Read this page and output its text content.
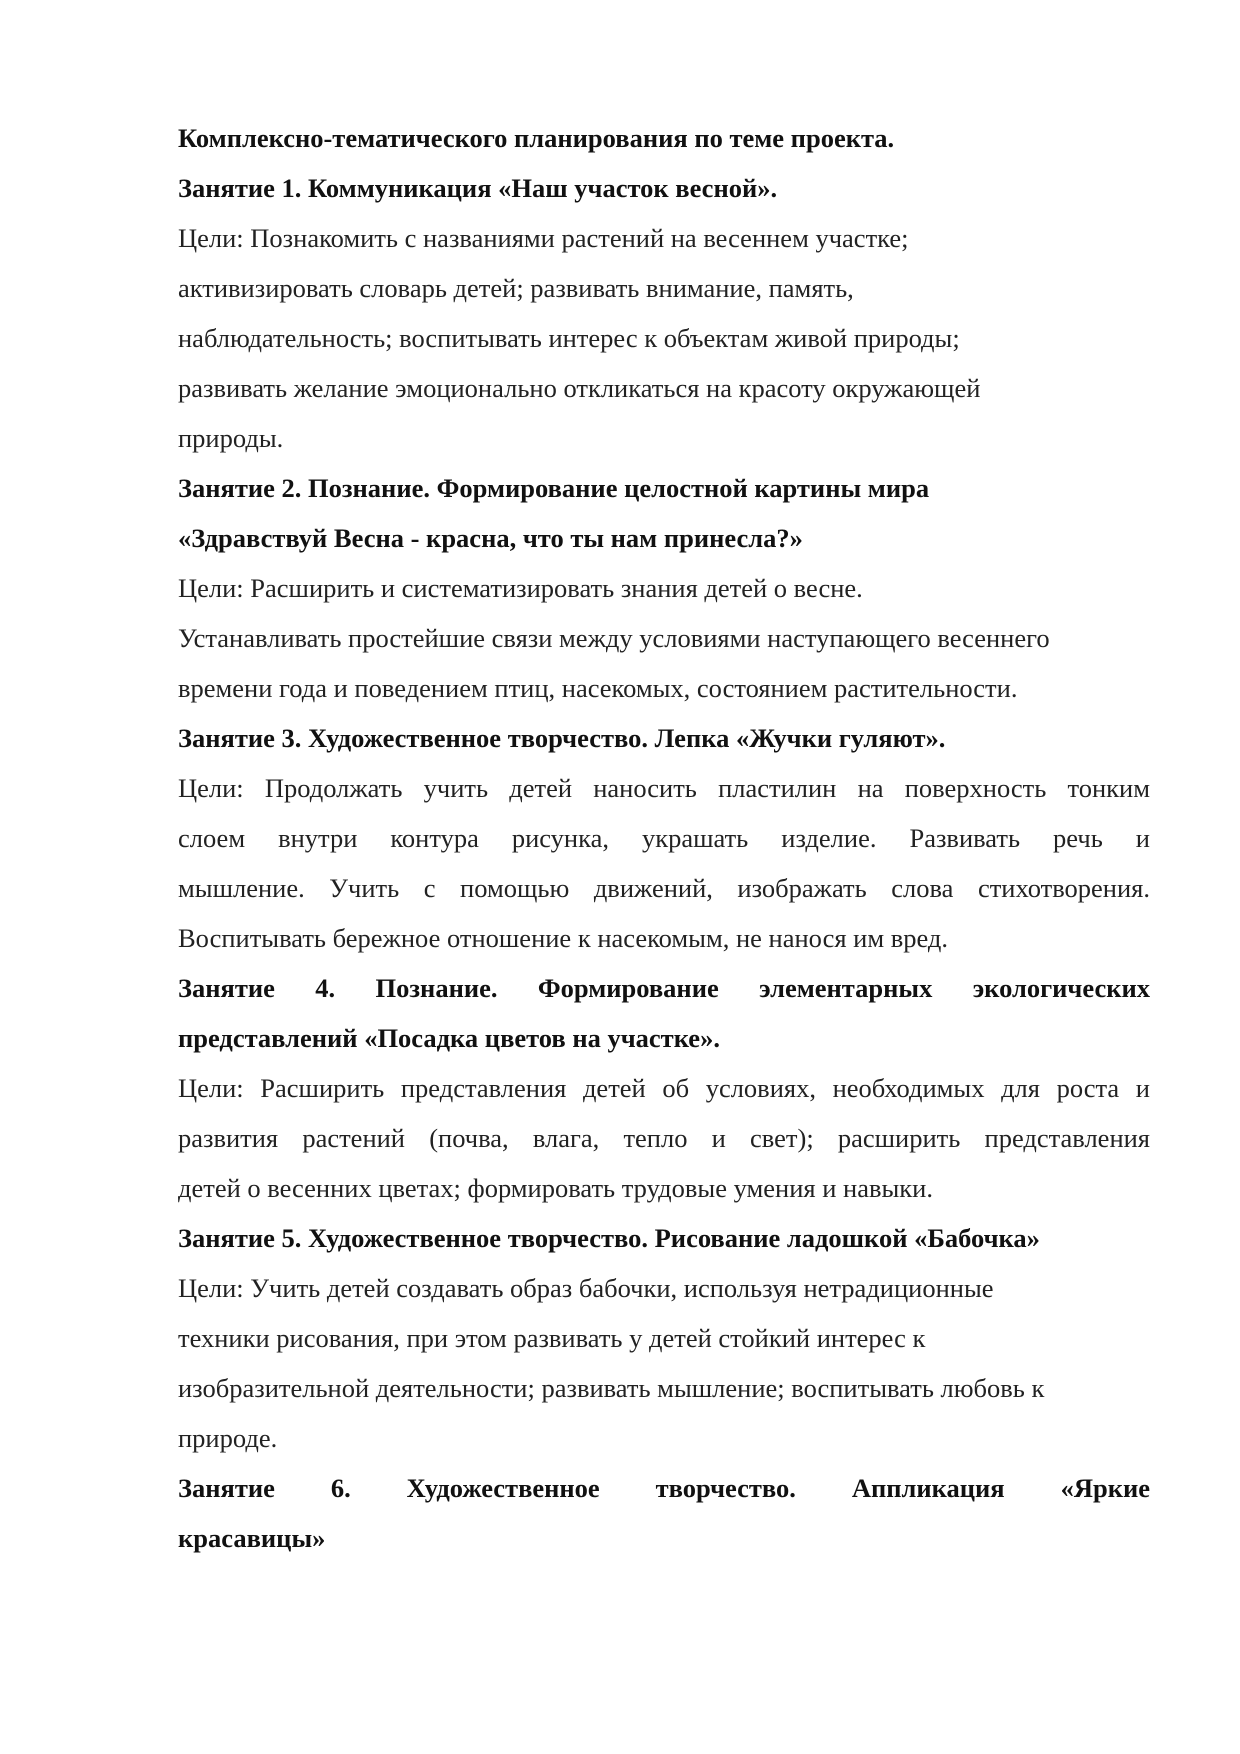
Комплексно-тематического планирования по теме проекта.
Занятие 1. Коммуникация «Наш участок весной».
Цели: Познакомить с названиями растений на весеннем участке;
активизировать словарь детей; развивать внимание, память,
наблюдательность; воспитывать интерес к объектам живой природы;
развивать желание эмоционально откликаться на красоту окружающей
природы.
Занятие 2. Познание. Формирование целостной картины мира
«Здравствуй Весна - красна, что ты нам принесла?»
Цели: Расширить и систематизировать знания детей о весне.
Устанавливать простейшие связи между условиями наступающего весеннего
времени года и поведением птиц, насекомых, состоянием растительности.
Занятие 3. Художественное творчество. Лепка «Жучки гуляют».
Цели: Продолжать учить детей наносить пластилин на поверхность тонким
слоем внутри контура рисунка, украшать изделие. Развивать речь и
мышление. Учить с помощью движений, изображать слова стихотворения.
Воспитывать бережное отношение к насекомым, не нанося им вред.
Занятие 4. Познание. Формирование элементарных экологических
представлений «Посадка цветов на участке».
Цели: Расширить представления детей об условиях, необходимых для роста и
развития растений (почва, влага, тепло и свет); расширить представления
детей о весенних цветах; формировать трудовые умения и навыки.
Занятие 5. Художественное творчество. Рисование ладошкой «Бабочка»
Цели: Учить детей создавать образ бабочки, используя нетрадиционные
техники рисования, при этом развивать у детей стойкий интерес к
изобразительной деятельности; развивать мышление; воспитывать любовь к
природе.
Занятие 6. Художественное творчество. Аппликация «Яркие
красавицы»
